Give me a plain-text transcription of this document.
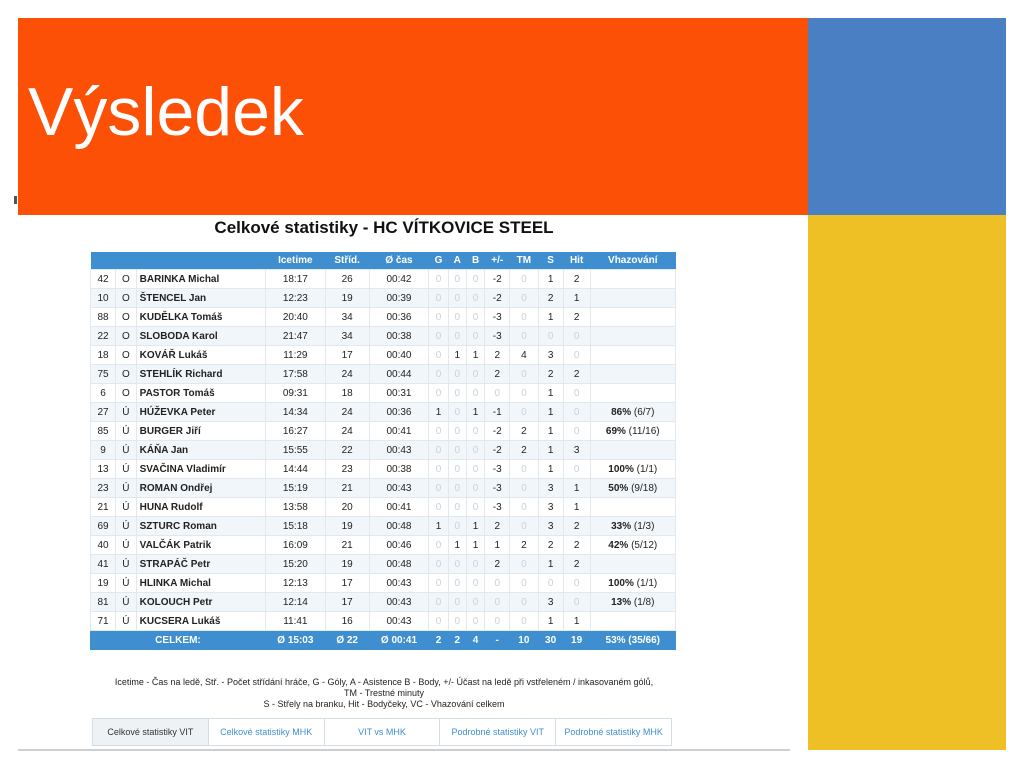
Výsledek
Celkové statistiky - HC VÍTKOVICE STEEL
			Icetime	Stříd.	Ø čas	G	A	B	+/-	TM	S	Hit	Vhazování
42	O	BARINKA Michal	18:17	26	00:42	0	0	0	-2	0	1	2	
10	O	ŠTENCEL Jan	12:23	19	00:39	0	0	0	-2	0	2	1	
88	O	KUDĚLKA Tomáš	20:40	34	00:36	0	0	0	-3	0	1	2	
22	O	SLOBODA Karol	21:47	34	00:38	0	0	0	-3	0	0	0	
18	O	KOVÁŘ Lukáš	11:29	17	00:40	0	1	1	2	4	3	0	
75	O	STEHLÍK Richard	17:58	24	00:44	0	0	0	2	0	2	2	
6	O	PASTOR Tomáš	09:31	18	00:31	0	0	0	0	0	1	0	
27	Ú	HÚŽEVKA Peter	14:34	24	00:36	1	0	1	-1	0	1	0	86% (6/7)
85	Ú	BURGER Jiří	16:27	24	00:41	0	0	0	-2	2	1	0	69% (11/16)
9	Ú	KÁŇA Jan	15:55	22	00:43	0	0	0	-2	2	1	3	
13	Ú	SVAČINA Vladimír	14:44	23	00:38	0	0	0	-3	0	1	0	100% (1/1)
23	Ú	ROMAN Ondřej	15:19	21	00:43	0	0	0	-3	0	3	1	50% (9/18)
21	Ú	HUNA Rudolf	13:58	20	00:41	0	0	0	-3	0	3	1	
69	Ú	SZTURC Roman	15:18	19	00:48	1	0	1	2	0	3	2	33% (1/3)
40	Ú	VALČÁK Patrik	16:09	21	00:46	0	1	1	1	2	2	2	42% (5/12)
41	Ú	STRAPÁČ Petr	15:20	19	00:48	0	0	0	2	0	1	2	
19	Ú	HLINKA Michal	12:13	17	00:43	0	0	0	0	0	0	0	100% (1/1)
81	Ú	KOLOUCH Petr	12:14	17	00:43	0	0	0	0	0	3	0	13% (1/8)
71	Ú	KUCSERA Lukáš	11:41	16	00:43	0	0	0	0	0	1	1	
CELKEM:			Ø 15:03	Ø 22	Ø 00:41	2	2	4	-	10	30	19	53% (35/66)
Icetime - Čas na ledě, Stř. - Počet střídání hráče, G - Góly, A - Asistence B - Body, +/- Účast na ledě při vstřeleném / inkasovaném gólů,
TM - Trestné minuty
S - Střely na branku, Hit - Bodyčeky, VC - Vhazování celkem
Celkové statistiky VIT	Celkové statistiky MHK	VIT vs MHK	Podrobné statistiky VIT	Podrobné statistiky MHK
